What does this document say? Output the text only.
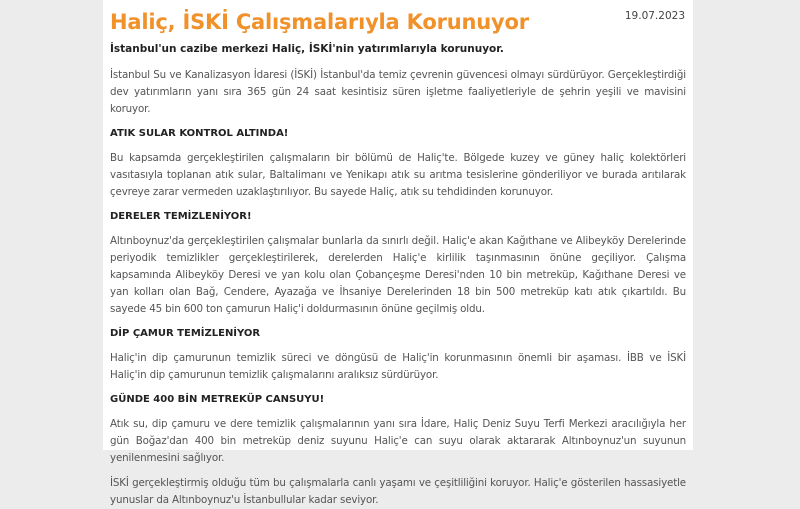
Haliç, İSKİ Çalışmalarıyla Korunuyor	19.07.2023
İstanbul'un cazibe merkezi Haliç, İSKİ'nin yatırımlarıyla korunuyor.

İstanbul Su ve Kanalizasyon İdaresi (İSKİ) İstanbul'da temiz çevrenin güvencesi olmayı sürdürüyor. Gerçekleştirdiği dev yatırımların yanı sıra 365 gün 24 saat kesintisiz süren işletme faaliyetleriyle de şehrin yeşili ve mavisini koruyor.

ATIK SULAR KONTROL ALTINDA!

Bu kapsamda gerçekleştirilen çalışmaların bir bölümü de Haliç'te. Bölgede kuzey ve güney haliç kolektörleri vasıtasıyla toplanan atık sular, Baltalimanı ve Yenikapı atık su arıtma tesislerine gönderiliyor ve burada arıtılarak çevreye zarar vermeden uzaklaştırılıyor. Bu sayede Haliç, atık su tehdidinden korunuyor.

DERELER TEMİZLENİYOR!

Altınboynuz'da gerçekleştirilen çalışmalar bunlarla da sınırlı değil. Haliç'e akan Kağıthane ve Alibeyköy Derelerinde periyodik temizlikler gerçekleştirilerek, derelerden Haliç'e kirlilik taşınmasının önüne geçiliyor. Çalışma kapsamında Alibeyköy Deresi ve yan kolu olan Çobançeşme Deresi'nden 10 bin metreküp, Kağıthane Deresi ve yan kolları olan Bağ, Cendere, Ayazağa ve İhsaniye Derelerinden 18 bin 500 metreküp katı atık çıkartıldı. Bu sayede 45 bin 600 ton çamurun Haliç'i doldurmasının önüne geçilmiş oldu.

DİP ÇAMUR TEMİZLENİYOR

Haliç'in dip çamurunun temizlik süreci ve döngüsü de Haliç'in korunmasının önemli bir aşaması. İBB ve İSKİ Haliç'in dip çamurunun temizlik çalışmalarını aralıksız sürdürüyor.

GÜNDE 400 BİN METREKÜP CANSUYU!

Atık su, dip çamuru ve dere temizlik çalışmalarının yanı sıra İdare, Haliç Deniz Suyu Terfi Merkezi aracılığıyla her gün Boğaz'dan 400 bin metreküp deniz suyunu Haliç'e can suyu olarak aktararak Altınboynuz'un suyunun yenilenmesini sağlıyor.

İSKİ gerçekleştirmiş olduğu tüm bu çalışmalarla canlı yaşamı ve çeşitliliğini koruyor. Haliç'e gösterilen hassasiyetle yunuslar da Altınboynuz'u İstanbullular kadar seviyor.
